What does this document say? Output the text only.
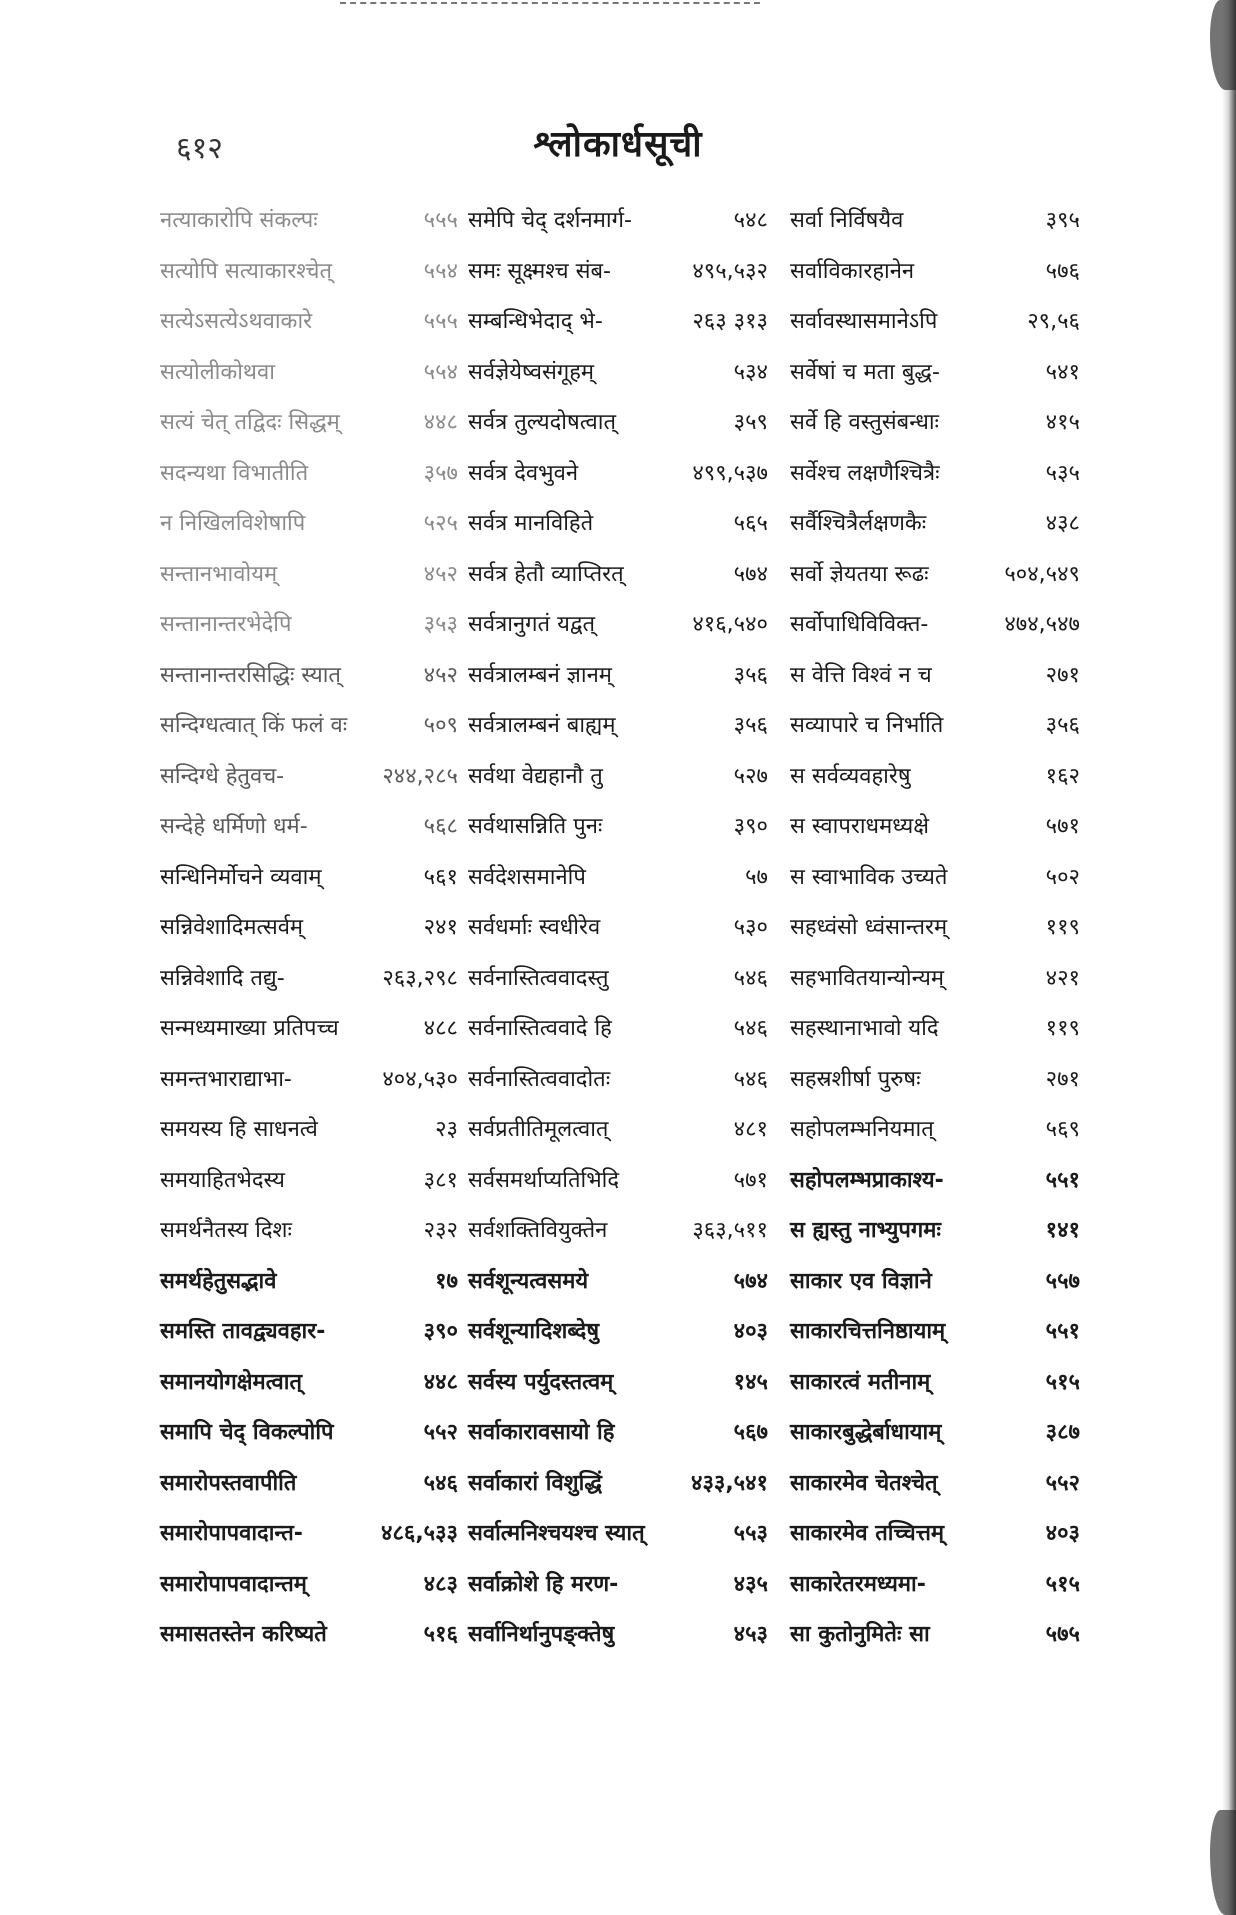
६१२	श्लोकार्धसूची
नत्याकारोपि संकल्पः	५५५
सत्योपि सत्याकारश्चेत्	५५४
सत्येऽसत्येऽथवाकारे	५५५
सत्योलीकोथवा	५५४
सत्यं चेत् तद्विदः सिद्धम्	४४८
सदन्यथा विभातीति	३५७
न निखिलविशेषापि	५२५
सन्तानभावोयम्	४५२
सन्तानान्तरभेदेपि	३५३
सन्तानान्तरसिद्धिः स्यात्	४५२
सन्दिग्धत्वात् किं फलं वः	५०९
सन्दिग्धे हेतुवच-	२४४,२८५
सन्देहे धर्मिणो धर्म-	५६८
सन्धिनिर्मोचने व्यवाम्	५६१
सन्निवेशादिमत्सर्वम्	२४१
सन्निवेशादि तद्यु-	२६३,२९८
सन्मध्यमाख्या प्रतिपच्च	४८८
समन्तभाराद्याभा-	४०४,५३०
समयस्य हि साधनत्वे	२३
समयाहितभेदस्य	३८१
समर्थनैतस्य दिशः	२३२
समर्थहेतुसद्भावे	१७
समस्ति तावद्व्यवहार-	३९०
समानयोगक्षेमत्वात्	४४८
समापि चेद् विकल्पोपि	५५२
समारोपस्तवापीति	५४६
समारोपापवादान्त-	४८६,५३३
समारोपापवादान्तम्	४८३
समासतस्तेन करिष्यते	५१६
समेपि चेद् दर्शनमार्ग-	५४८
समः सूक्ष्मश्च संब-	४९५,५३२
सम्बन्धिभेदाद् भे-	२६३ ३१३
सर्वज्ञेयेष्वसंगूहम्	५३४
सर्वत्र तुल्यदोषत्वात्	३५९
सर्वत्र देवभुवने	४९९,५३७
सर्वत्र मानविहिते	५६५
सर्वत्र हेतौ व्याप्तिरत्	५७४
सर्वत्रानुगतं यद्वत्	४१६,५४०
सर्वत्रालम्बनं ज्ञानम्	३५६
सर्वत्रालम्बनं बाह्यम्	३५६
सर्वथा वेद्यहानौ तु	५२७
सर्वथासन्निति पुनः	३९०
सर्वदेशसमानेपि	५७
सर्वधर्माः स्वधीरेव	५३०
सर्वनास्तित्ववादस्तु	५४६
सर्वनास्तित्ववादे हि	५४६
सर्वनास्तित्ववादोतः	५४६
सर्वप्रतीतिमूलत्वात्	४८१
सर्वसमर्थाप्यतिभिदि	५७१
सर्वशक्तिवियुक्तेन	३६३,५११
सर्वशून्यत्वसमये	५७४
सर्वशून्यादिशब्देषु	४०३
सर्वस्य पर्युदस्तत्वम्	१४५
सर्वाकारावसायो हि	५६७
सर्वाकारां विशुद्धिं	४३३,५४१
सर्वात्मनिश्चयश्च स्यात्	५५३
सर्वाक्रोशे हि मरण-	४३५
सर्वानिर्थानुपङ्क्तेषु	४५३
सर्वा निर्विषयैव	३९५
सर्वाविकारहानेन	५७६
सर्वावस्थासमानेऽपि	२९,५६
सर्वेषां च मता बुद्ध-	५४१
सर्वे हि वस्तुसंबन्धाः	४१५
सर्वेश्च लक्षणैश्चित्रैः	५३५
सर्वैश्चित्रैर्लक्षणकैः	४३८
सर्वो ज्ञेयतया रूढः	५०४,५४९
सर्वोपाधिविविक्त-	४७४,५४७
स वेत्ति विश्वं न च	२७१
सव्यापारे च निर्भाति	३५६
स सर्वव्यवहारेषु	१६२
स स्वापराधमध्यक्षे	५७१
स स्वाभाविक उच्यते	५०२
सहध्वंसो ध्वंसान्तरम्	११९
सहभावितयान्योन्यम्	४२१
सहस्थानाभावो यदि	११९
सहस्रशीर्षा पुरुषः	२७१
सहोपलम्भनियमात्	५६९
सहोपलम्भप्राकाश्य-	५५१
स ह्यस्तु नाभ्युपगमः	१४१
साकार एव विज्ञाने	५५७
साकारचित्तनिष्ठायाम्	५५१
साकारत्वं मतीनाम्	५१५
साकारबुद्धेर्बाधायाम्	३८७
साकारमेव चेतश्चेत्	५५२
साकारमेव तच्चित्तम्	४०३
साकारेतरमध्यमा-	५१५
सा कुतोनुमितेः सा	५७५
